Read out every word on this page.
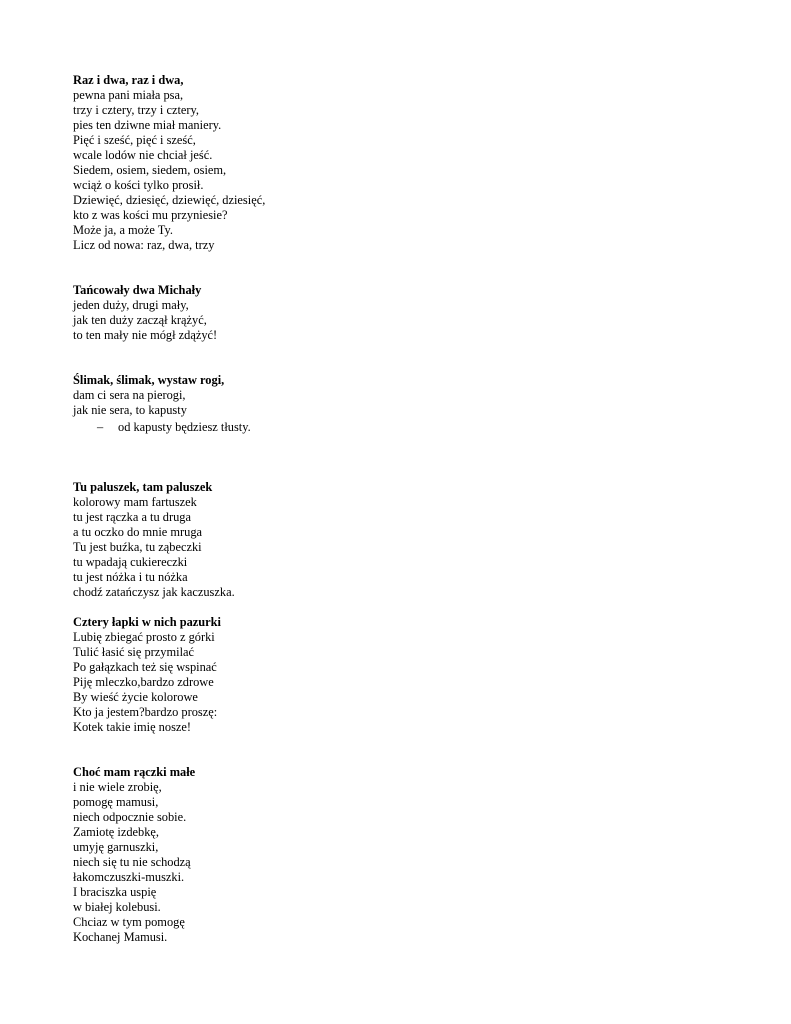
Raz i dwa, raz i dwa,
pewna pani miała psa,
trzy i cztery, trzy i cztery,
pies ten dziwne miał maniery.
Pięć i sześć, pięć i sześć,
wcale lodów nie chciał jeść.
Siedem, osiem, siedem, osiem,
wciąż o kości tylko prosił.
Dziewięć, dziesięć, dziewięć, dziesięć,
kto z was kości mu przyniesie?
Może ja, a może Ty.
Licz od nowa: raz, dwa, trzy
Tańcowały dwa Michały
jeden duży, drugi mały,
jak ten duży zaczął krążyć,
to ten mały nie mógł zdążyć!
Ślimak, ślimak, wystaw rogi,
dam ci sera na pierogi,
jak nie sera, to kapusty
– od kapusty będziesz tłusty.
Tu paluszek, tam paluszek
kolorowy mam fartuszek
tu jest rączka a tu druga
a tu oczko do mnie mruga
Tu jest buźka, tu ząbeczki
tu wpadają cukiereczki
tu jest nóżka i tu nóżka
chodź zatańczysz jak kaczuszka.
Cztery łapki w nich pazurki
Lubię zbiegać prosto z górki
Tulić łasić się przymilać
Po gałązkach też się wspinać
Piję mleczko,bardzo zdrowe
By wieść życie kolorowe
Kto ja jestem?bardzo proszę:
Kotek takie imię nosze!
Choć mam rączki małe
i nie wiele zrobię,
pomogę mamusi,
niech odpocznie sobie.
Zamiotę izdebkę,
umyję garnuszki,
niech się tu nie schodzą
łakomczuszki-muszki.
I braciszka uspię
w białej kolebusi.
Chciaz w tym pomogę
Kochanej Mamusi.
